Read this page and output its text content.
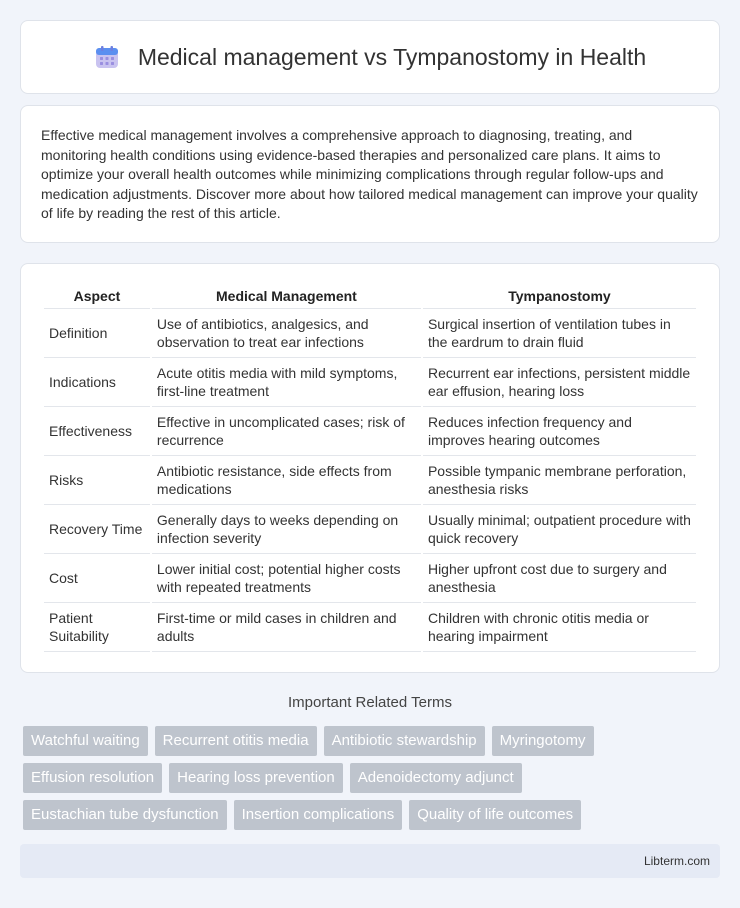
Medical management vs Tympanostomy in Health

Effective medical management involves a comprehensive approach to diagnosing, treating, and monitoring health conditions using evidence-based therapies and personalized care plans. It aims to optimize your overall health outcomes while minimizing complications through regular follow-ups and medication adjustments. Discover more about how tailored medical management can improve your quality of life by reading the rest of this article.

Aspect	Medical Management	Tympanostomy
Definition	Use of antibiotics, analgesics, and observation to treat ear infections	Surgical insertion of ventilation tubes in the eardrum to drain fluid
Indications	Acute otitis media with mild symptoms, first-line treatment	Recurrent ear infections, persistent middle ear effusion, hearing loss
Effectiveness	Effective in uncomplicated cases; risk of recurrence	Reduces infection frequency and improves hearing outcomes
Risks	Antibiotic resistance, side effects from medications	Possible tympanic membrane perforation, anesthesia risks
Recovery Time	Generally days to weeks depending on infection severity	Usually minimal; outpatient procedure with quick recovery
Cost	Lower initial cost; potential higher costs with repeated treatments	Higher upfront cost due to surgery and anesthesia
Patient Suitability	First-time or mild cases in children and adults	Children with chronic otitis media or hearing impairment
Important Related Terms
Watchful waiting	Recurrent otitis media	Antibiotic stewardship	Myringotomy
Effusion resolution	Hearing loss prevention	Adenoidectomy adjunct
Eustachian tube dysfunction	Insertion complications	Quality of life outcomes
Libterm.com
